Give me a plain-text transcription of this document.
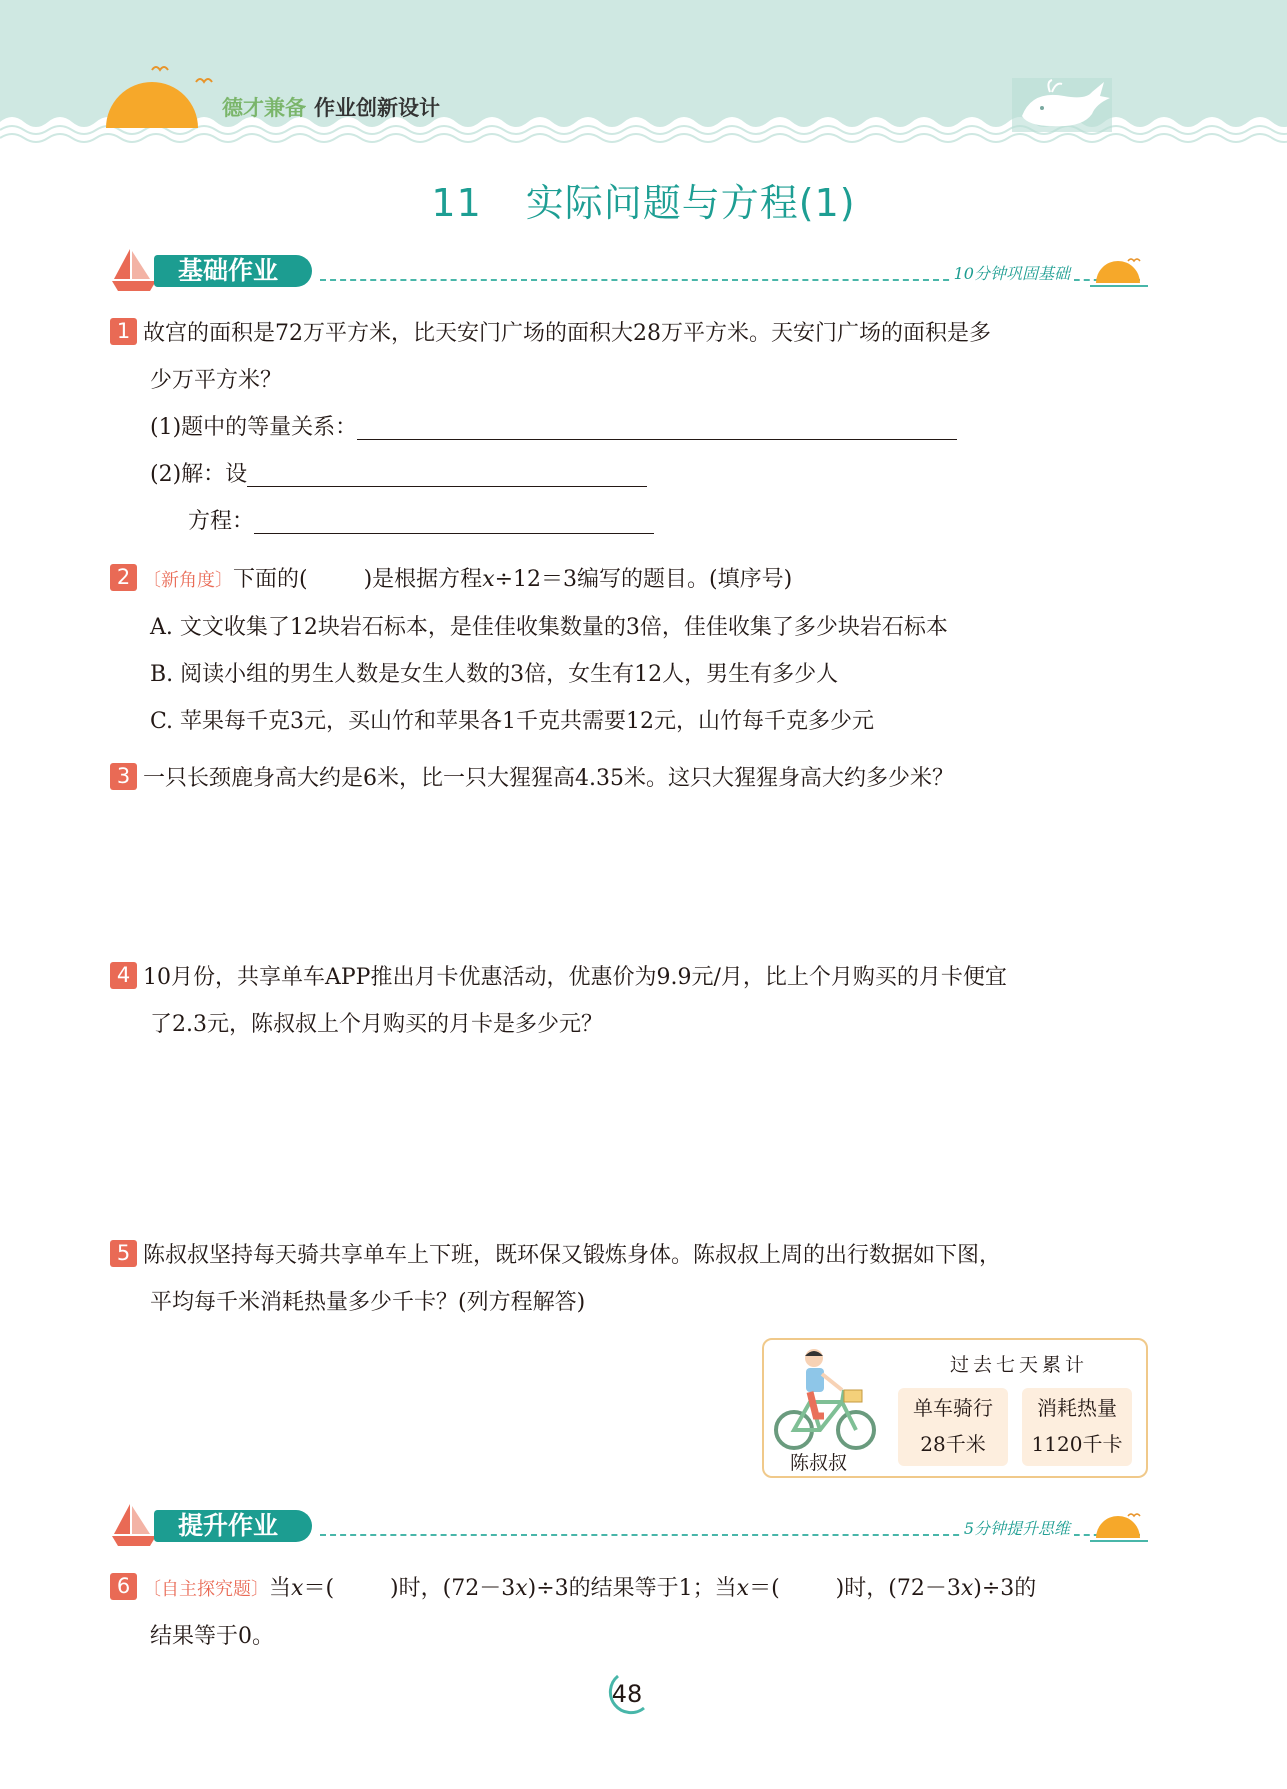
德才兼备 作业创新设计
11 实际问题与方程(1)
基础作业	10分钟巩固基础
1 故宫的面积是72万平方米，比天安门广场的面积大28万平方米。天安门广场的面积是多
少万平方米？
(1)题中的等量关系：
(2)解：设
方程：
2 〔新角度〕下面的(	)是根据方程x÷12＝3编写的题目。(填序号)
A. 文文收集了12块岩石标本，是佳佳收集数量的3倍，佳佳收集了多少块岩石标本
B. 阅读小组的男生人数是女生人数的3倍，女生有12人，男生有多少人
C. 苹果每千克3元，买山竹和苹果各1千克共需要12元，山竹每千克多少元
3 一只长颈鹿身高大约是6米，比一只大猩猩高4.35米。这只大猩猩身高大约多少米？
4 10月份，共享单车APP推出月卡优惠活动，优惠价为9.9元/月，比上个月购买的月卡便宜
了2.3元，陈叔叔上个月购买的月卡是多少元？
5 陈叔叔坚持每天骑共享单车上下班，既环保又锻炼身体。陈叔叔上周的出行数据如下图，
平均每千米消耗热量多少千卡？(列方程解答)
陈叔叔
过去七天累计
单车骑行
28千米
消耗热量
1120千卡
提升作业	5分钟提升思维
6 〔自主探究题〕当x＝(	)时，(72－3x)÷3的结果等于1；当x＝(	)时，(72－3x)÷3的
结果等于0。
48
